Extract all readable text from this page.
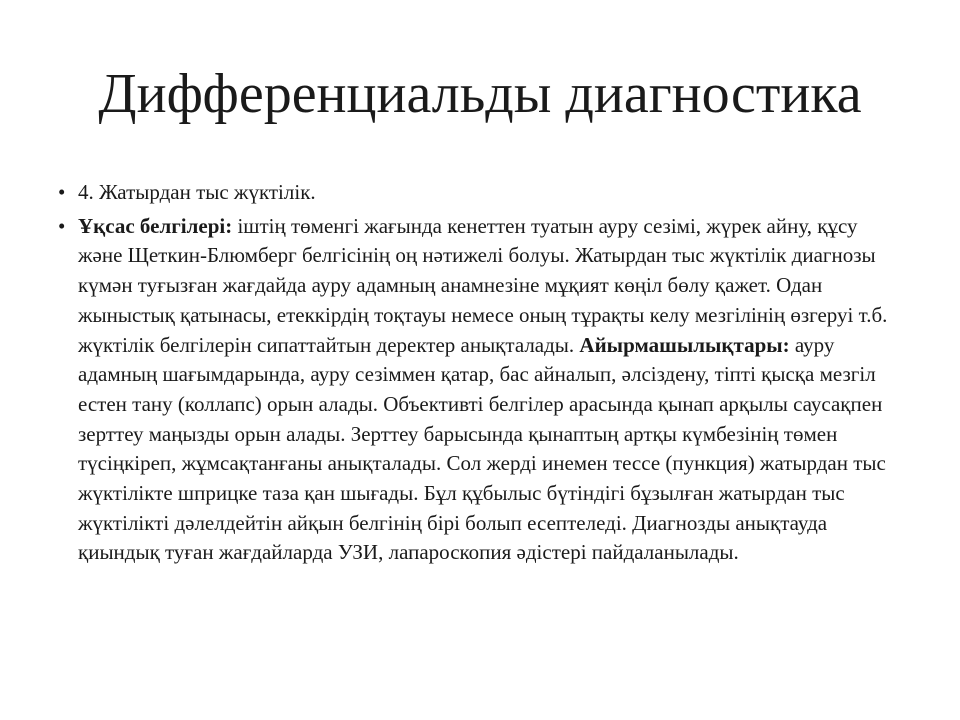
Дифференциальды диагностика
• 4. Жатырдан тыс жүктілік.
• Ұқсас белгілері: іштің төменгі жағында кенеттен туатын ауру сезімі, жүрек айну, құсу және Щеткин-Блюмберг белгісінің оң нәтижелі болуы. Жатырдан тыс жүктілік диагнозы күмән туғызған жағдайда ауру адамның анамнезіне мұқият көңіл бөлу қажет. Одан жыныстық қатынасы, етеккірдің тоқтауы немесе оның тұрақты келу мезгілінің өзгеруі т.б. жүктілік белгілерін сипаттайтын деректер анықталады. Айырмашылықтары: ауру адамның шағымдарында, ауру сезіммен қатар, бас айналып, әлсіздену, тіпті қысқа мезгіл естен тану (коллапс) орын алады. Объективті белгілер арасында қынап арқылы саусақпен зерттеу маңызды орын алады. Зерттеу барысында қынаптың артқы күмбезінің төмен түсіңкіреп, жұмсақтанғаны анықталады. Сол жерді инемен тессе (пункция) жатырдан тыс жүктілікте шприцке таза қан шығады. Бұл құбылыс бүтіндігі бұзылған жатырдан тыс жүктілікті дәлелдейтін айқын белгінің бірі болып есептеледі. Диагнозды анықтауда қиындық туған жағдайларда УЗИ, лапароскопия әдістері пайдаланылады.
